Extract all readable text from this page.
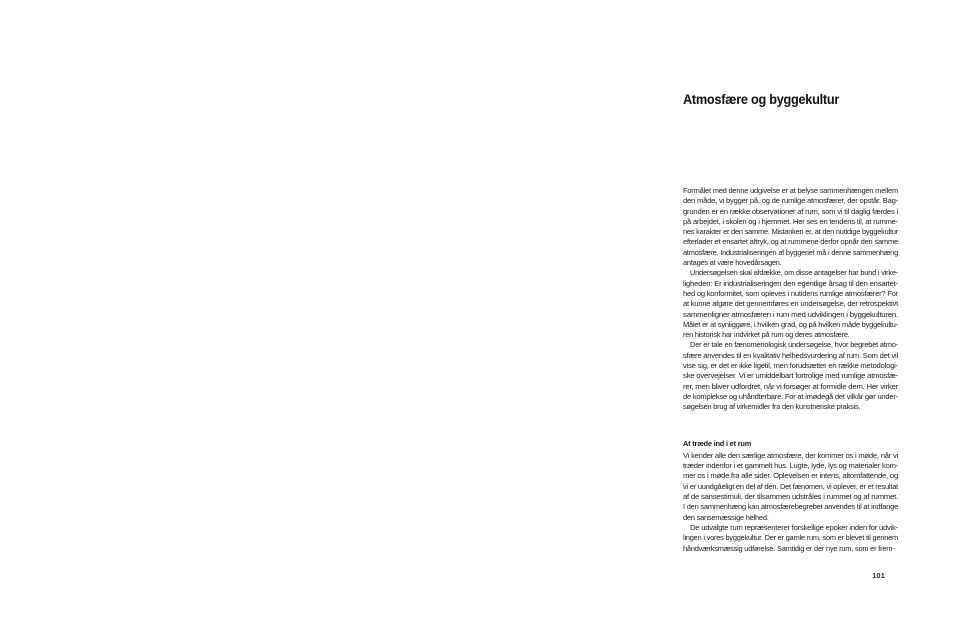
Atmosfære og byggekultur
Formålet med denne udgivelse er at belyse sammenhængen mellem
den måde, vi bygger på, og de rumlige atmosfærer, der opstår. Bag-
grunden er en række observationer af rum, som vi til daglig færdes i
på arbejdet, i skolen og i hjemmet. Her ses en tendens til, at rumme-
nes karakter er den samme. Mistanken er, at den nutidige byggekultur
efterlader et ensartet aftryk, og at rummene derfor opnår den samme
atmosfære. Industrialiseringen af byggeriet må i denne sammenhæng
antages at være hovedårsagen.
Undersøgelsen skal afdække, om disse antagelser har bund i virke-
ligheden: Er industrialiseringen den egentlige årsag til den ensartet-
hed og konformitet, som opleves i nutidens rumlige atmosfærer? For
at kunne afgøre det gennemføres en undersøgelse, der retrospektivt
sammenligner atmosfæren i rum med udviklingen i byggekulturen.
Målet er at synliggøre, i hvilken grad, og på hvilken måde byggekultu-
ren historisk har indvirket på rum og deres atmosfære.
Der er tale en fænomenologisk undersøgelse, hvor begrebet atmo-
sfære anvendes til en kvalitativ helhedsvurdering af rum. Som det vil
vise sig, er det er ikke ligetil, men forudsætter en række metodologi-
ske overvejelser. Vi er umiddelbart fortrolige med rumlige atmosfæ-
rer, men bliver udfordret, når vi forsøger at formidle dem. Her virker
de komplekse og uhåndterbare. For at imødegå det vilkår gør under-
søgelsen brug af virkemidler fra den kunstneriske praksis.
At træde ind i et rum
Vi kender alle den særlige atmosfære, der kommer os i møde, når vi
træder indenfor i et gammelt hus. Lugte, lyde, lys og materialer kom-
mer os i møde fra alle sider. Oplevelsen er intens, altomfattende, og
vi er uundgåeligt en del af den. Det fænomen, vi oplever, er et resultat
af de sansestimuli, der tilsammen udstråles i rummet og af rummet.
I den sammenhæng kan atmosfærebegrebet anvendes til at indfange
den sansemæssige helhed.
De udvalgte rum repræsenterer forskellige epoker inden for udvik-
lingen i vores byggekultur. Der er gamle rum, som er blevet til gennem
håndværksmæssig udførelse. Samtidig er der nye rum, som er frem-
101
